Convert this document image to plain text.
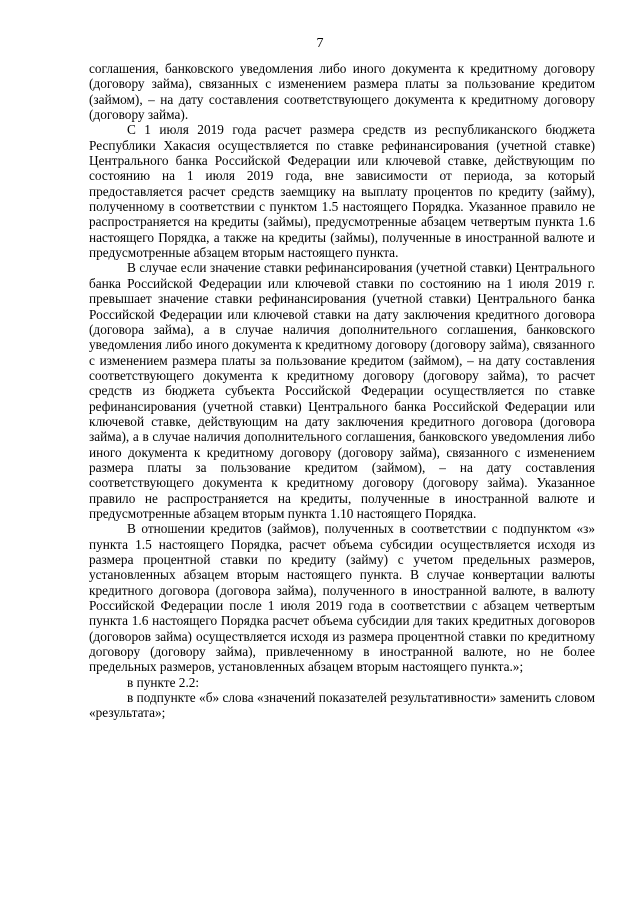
7

соглашения, банковского уведомления либо иного документа к кредитному договору (договору займа), связанных с изменением размера платы за пользование кредитом (займом), – на дату составления соответствующего документа к кредитному договору (договору займа).

С 1 июля 2019 года расчет размера средств из республиканского бюджета Республики Хакасия осуществляется по ставке рефинансирования (учетной ставке) Центрального банка Российской Федерации или ключевой ставке, действующим по состоянию на 1 июля 2019 года, вне зависимости от периода, за который предоставляется расчет средств заемщику на выплату процентов по кредиту (займу), полученному в соответствии с пунктом 1.5 настоящего Порядка. Указанное правило не распространяется на кредиты (займы), предусмотренные абзацем четвертым пункта 1.6 настоящего Порядка, а также на кредиты (займы), полученные в иностранной валюте и предусмотренные абзацем вторым настоящего пункта.

В случае если значение ставки рефинансирования (учетной ставки) Центрального банка Российской Федерации или ключевой ставки по состоянию на 1 июля 2019 г. превышает значение ставки рефинансирования (учетной ставки) Центрального банка Российской Федерации или ключевой ставки на дату заключения кредитного договора (договора займа), а в случае наличия дополнительного соглашения, банковского уведомления либо иного документа к кредитному договору (договору займа), связанного с изменением размера платы за пользование кредитом (займом), – на дату составления соответствующего документа к кредитному договору (договору займа), то расчет средств из бюджета субъекта Российской Федерации осуществляется по ставке рефинансирования (учетной ставки) Центрального банка Российской Федерации или ключевой ставке, действующим на дату заключения кредитного договора (договора займа), а в случае наличия дополнительного соглашения, банковского уведомления либо иного документа к кредитному договору (договору займа), связанного с изменением размера платы за пользование кредитом (займом), – на дату составления соответствующего документа к кредитному договору (договору займа). Указанное правило не распространяется на кредиты, полученные в иностранной валюте и предусмотренные абзацем вторым пункта 1.10 настоящего Порядка.

В отношении кредитов (займов), полученных в соответствии с подпунктом «з» пункта 1.5 настоящего Порядка, расчет объема субсидии осуществляется исходя из размера процентной ставки по кредиту (займу) с учетом предельных размеров, установленных абзацем вторым настоящего пункта. В случае конвертации валюты кредитного договора (договора займа), полученного в иностранной валюте, в валюту Российской Федерации после 1 июля 2019 года в соответствии с абзацем четвертым пункта 1.6 настоящего Порядка расчет объема субсидии для таких кредитных договоров (договоров займа) осуществляется исходя из размера процентной ставки по кредитному договору (договору займа), привлеченному в иностранной валюте, но не более предельных размеров, установленных абзацем вторым настоящего пункта.»;

в пункте 2.2:

в подпункте «б» слова «значений показателей результативности» заменить словом «результата»;
